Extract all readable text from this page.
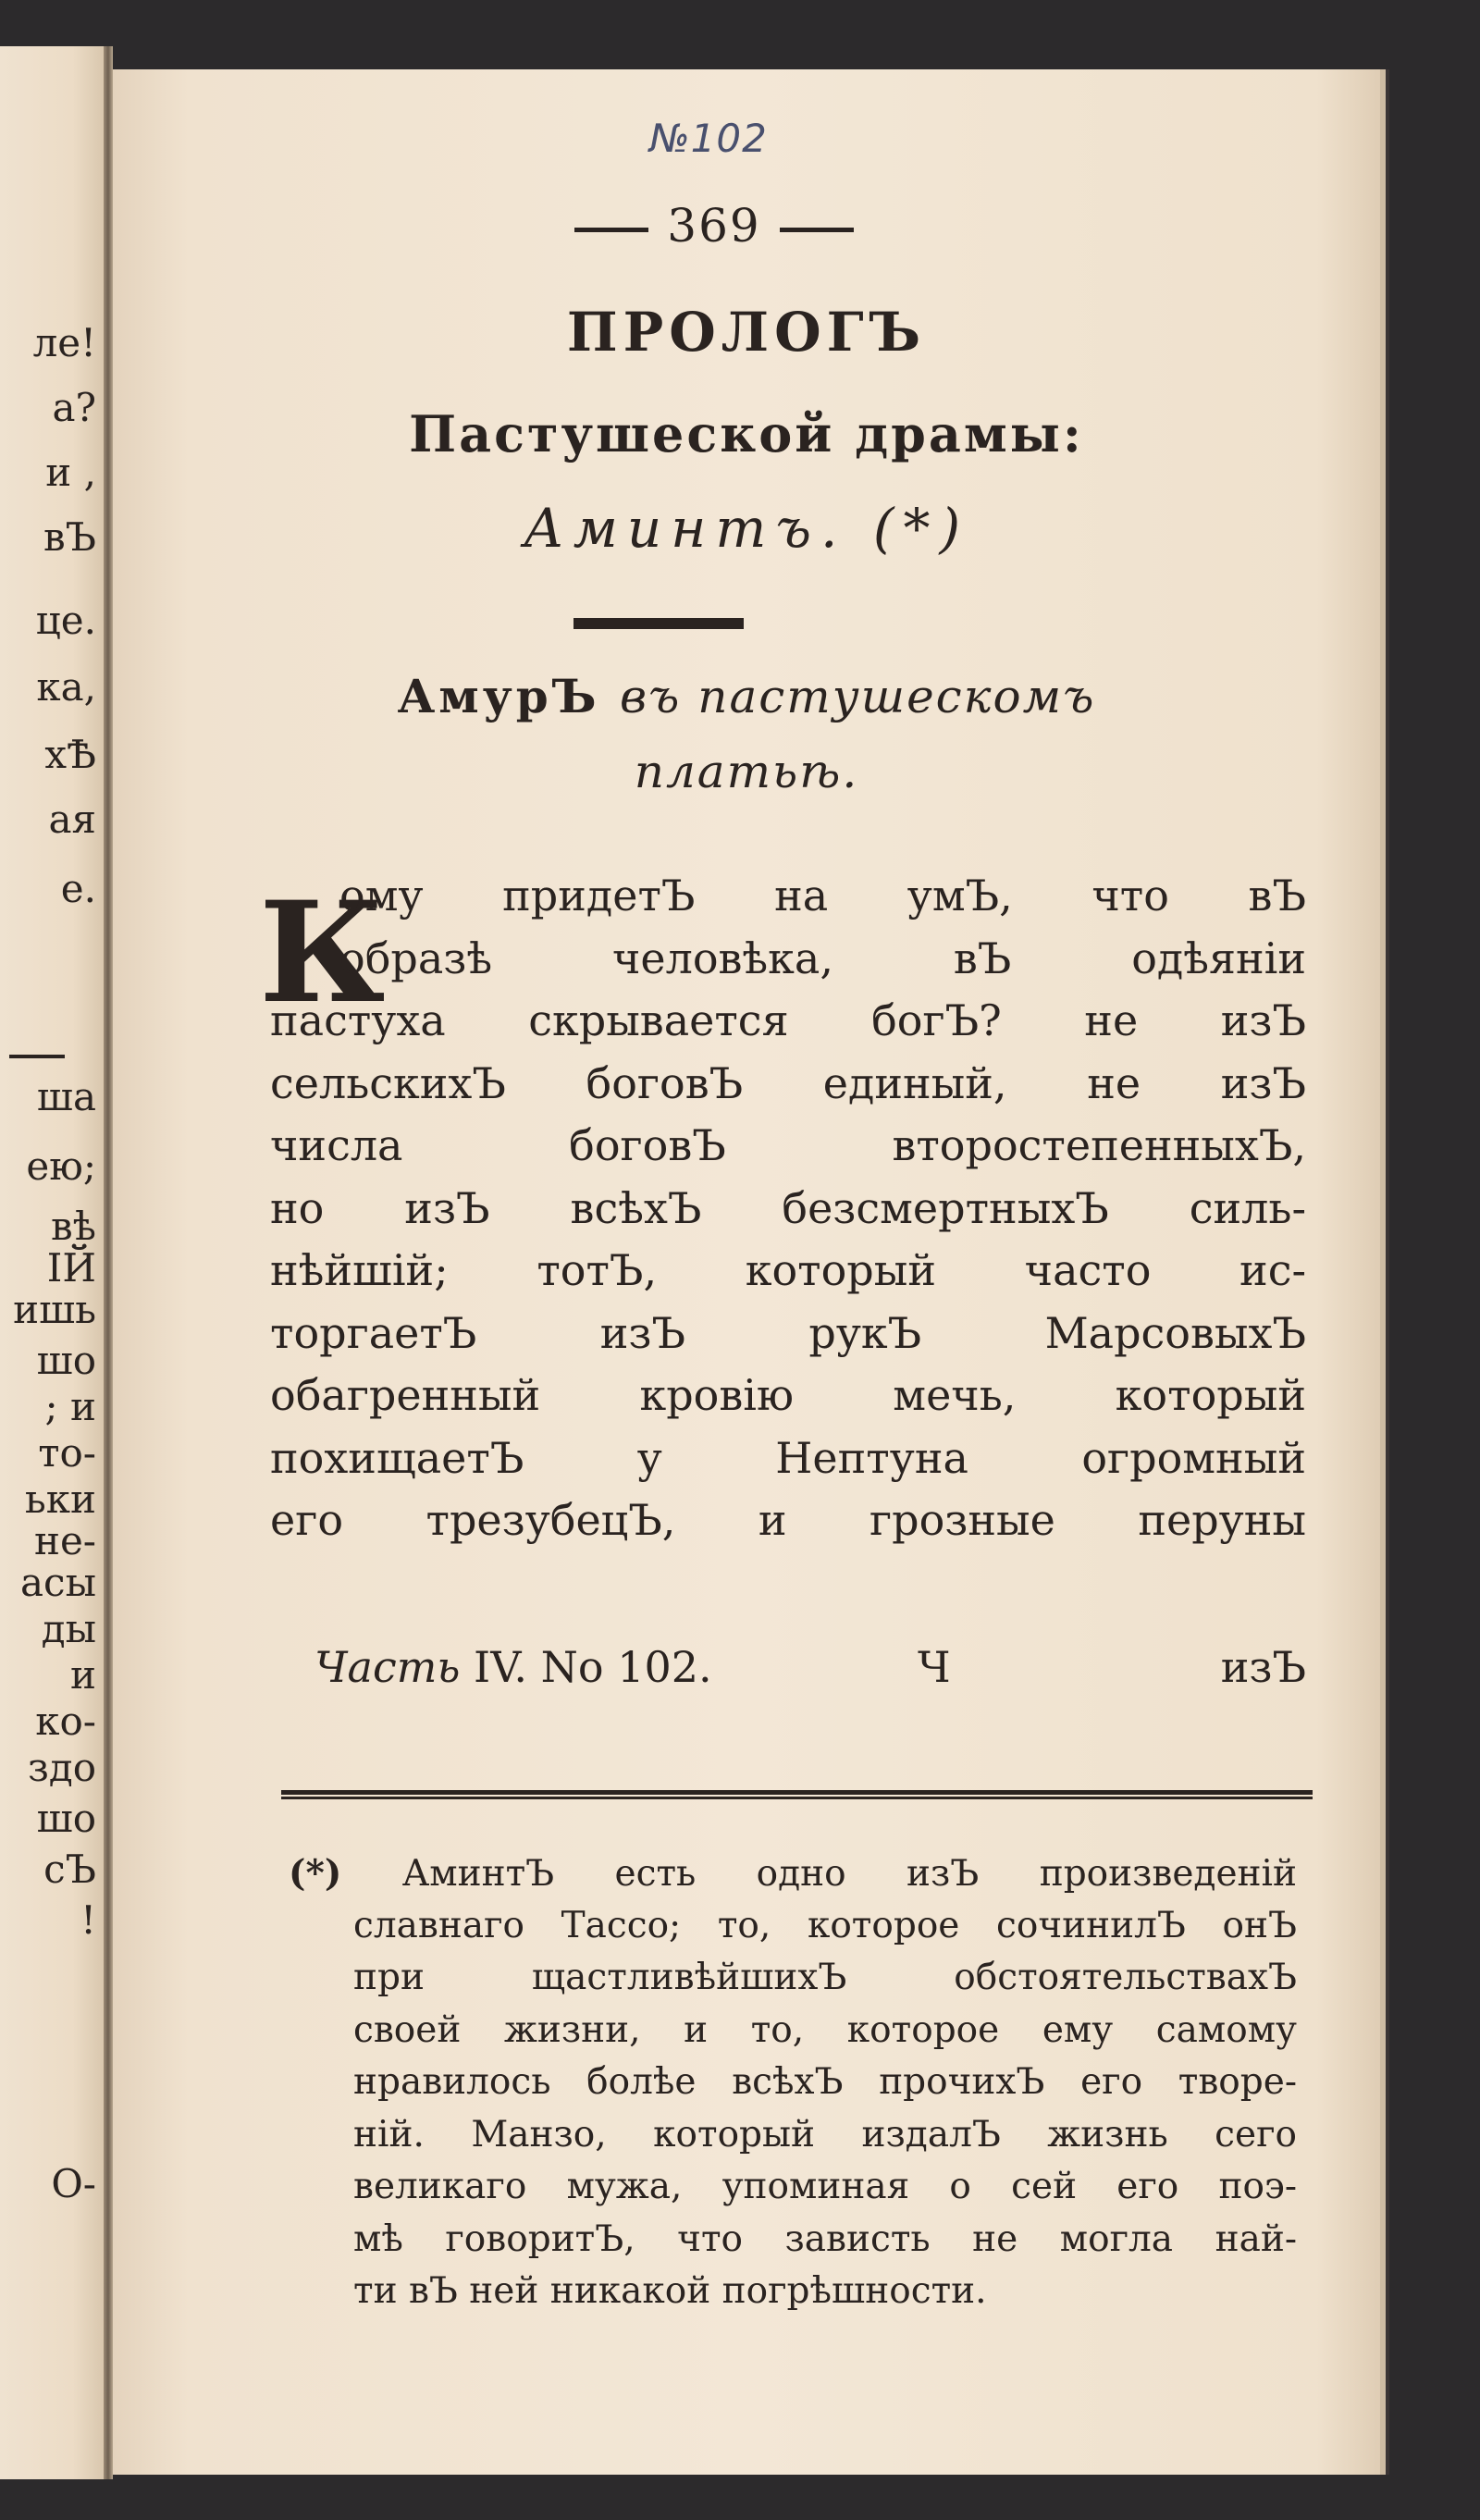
ле!
а?
и ,
вЪ
це.
ка,
хѢ
ая
е.
ша
ею;
вѣ
ІЙ
ишь
шо
; и
то-
ьки
не-
асы
ды
и
ко-
здо
шо
сЪ
!
О-
№102
369
ПРОЛОГЪ
Пастушеской драмы:
Аминтъ. (*)
АмурЪ въ пастушескомъ
платьѣ.
К
ому придетЪ на умЪ, что вЪ
образѣ человѣка, вЪ одѣяніи
пастуха скрывается богЪ? не изЪ
сельскихЪ боговЪ единый, не изЪ
числа боговЪ второстепенныхЪ,
но изЪ всѣхЪ безсмертныхЪ силь-
нѣйшій; тотЪ, который часто ис-
торгаетЪ изЪ рукЪ МарсовыхЪ
обагренный кровію мечь, который
похищаетЪ у Нептуна огромный
его трезубецЪ, и грозные перуны
Часть IV. No 102.	Ч	изЪ
(*) АминтЪ есть одно изЪ произведеній
славнаго Тассо; то, которое сочинилЪ онЪ
при щастливѣйшихЪ обстоятельствахЪ
своей жизни, и то, которое ему самому
нравилось болѣе всѣхЪ прочихЪ его творе-
ній. Манзо, который издалЪ жизнь сего
великаго мужа, упоминая о сей его поэ-
мѣ говоритЪ, что зависть не могла най-
ти вЪ ней никакой погрѣшности.
